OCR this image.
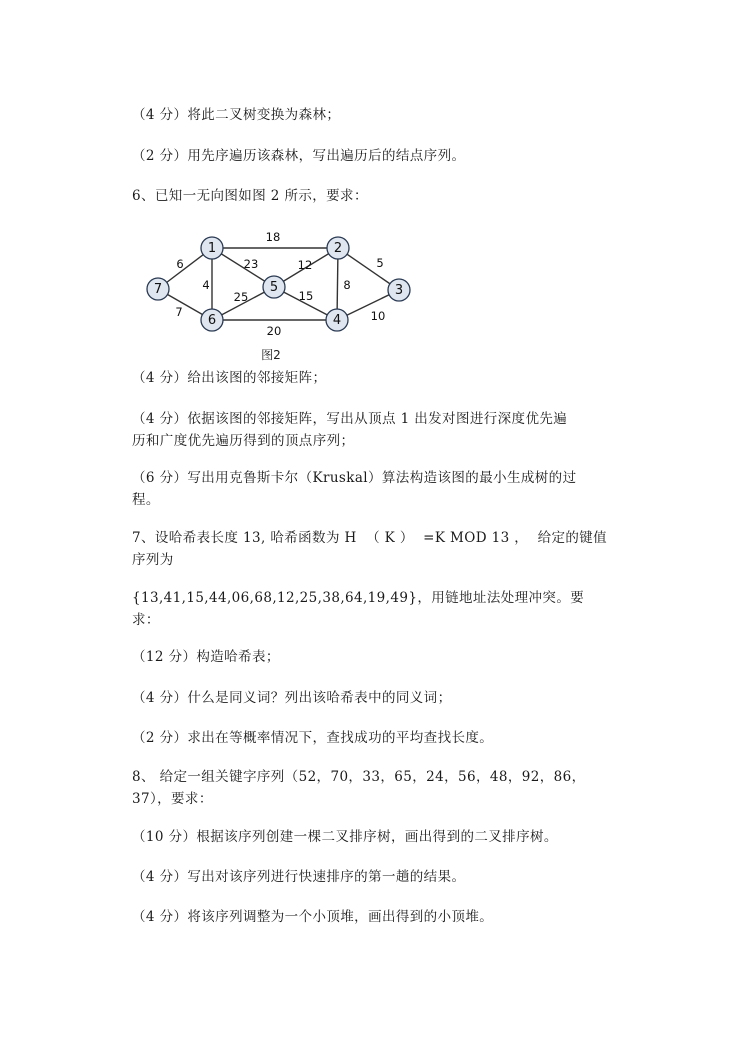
（4 分）将此二叉树变换为森林；
（2 分）用先序遍历该森林，写出遍历后的结点序列。
6、已知一无向图如图 2 所示，要求：
18
5
6
4
23	12
8
25	15
10
7
20
1	2
3
4
5
6
7
图2
（4 分）给出该图的邻接矩阵；
（4 分）依据该图的邻接矩阵，写出从顶点 1 出发对图进行深度优先遍
历和广度优先遍历得到的顶点序列；
（6 分）写出用克鲁斯卡尔（Kruskal）算法构造该图的最小生成树的过
程。
7、设哈希表长度 13, 哈希函数为 H  （ K ）  =K MOD 13 ，  给定的键值
序列为
{13,41,15,44,06,68,12,25,38,64,19,49}，用链地址法处理冲突。要
求：
（12 分）构造哈希表；
（4 分）什么是同义词？列出该哈希表中的同义词；
（2 分）求出在等概率情况下，查找成功的平均查找长度。
8、 给定一组关键字序列（52，70，33，65，24，56，48，92，86，
37），要求：
（10 分）根据该序列创建一棵二叉排序树，画出得到的二叉排序树。
（4 分）写出对该序列进行快速排序的第一趟的结果。
（4 分）将该序列调整为一个小顶堆，画出得到的小顶堆。
